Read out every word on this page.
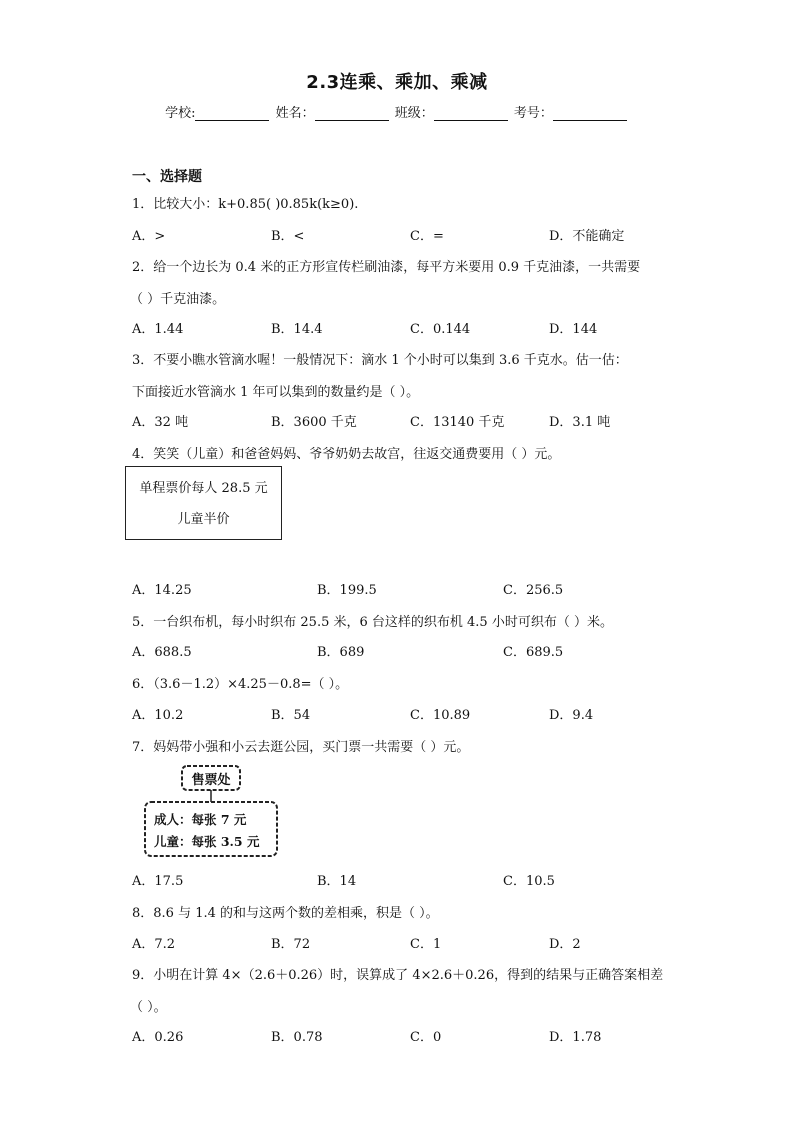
2.3连乘、乘加、乘减
学校:	姓名：	班级：	考号：
一、选择题
1．比较大小：k+0.85( )0.85k(k≥0).
A．>	B．<	C．=	D．不能确定
2．给一个边长为 0.4 米的正方形宣传栏刷油漆，每平方米要用 0.9 千克油漆，一共需要
（ ）千克油漆。
A．1.44	B．14.4	C．0.144	D．144
3．不要小瞧水管滴水喔！一般情况下：滴水 1 个小时可以集到 3.6 千克水。估一估：
下面接近水管滴水 1 年可以集到的数量约是（ ）。
A．32 吨	B．3600 千克	C．13140 千克	D．3.1 吨
4．笑笑（儿童）和爸爸妈妈、爷爷奶奶去故宫，往返交通费要用（ ）元。
单程票价每人 28.5 元
儿童半价
A．14.25	B．199.5	C．256.5
5．一台织布机，每小时织布 25.5 米，6 台这样的织布机 4.5 小时可织布（ ）米。
A．688.5	B．689	C．689.5
6．（3.6－1.2）×4.25－0.8=（ ）。
A．10.2	B．54	C．10.89	D．9.4
7．妈妈带小强和小云去逛公园，买门票一共需要（ ）元。
售票处
成人：每张 7 元
儿童：每张 3.5 元
A．17.5	B．14	C．10.5
8．8.6 与 1.4 的和与这两个数的差相乘，积是（ ）。
A．7.2	B．72	C．1	D．2
9．小明在计算 4×（2.6＋0.26）时，误算成了 4×2.6＋0.26，得到的结果与正确答案相差
（ ）。
A．0.26	B．0.78	C．0	D．1.78
